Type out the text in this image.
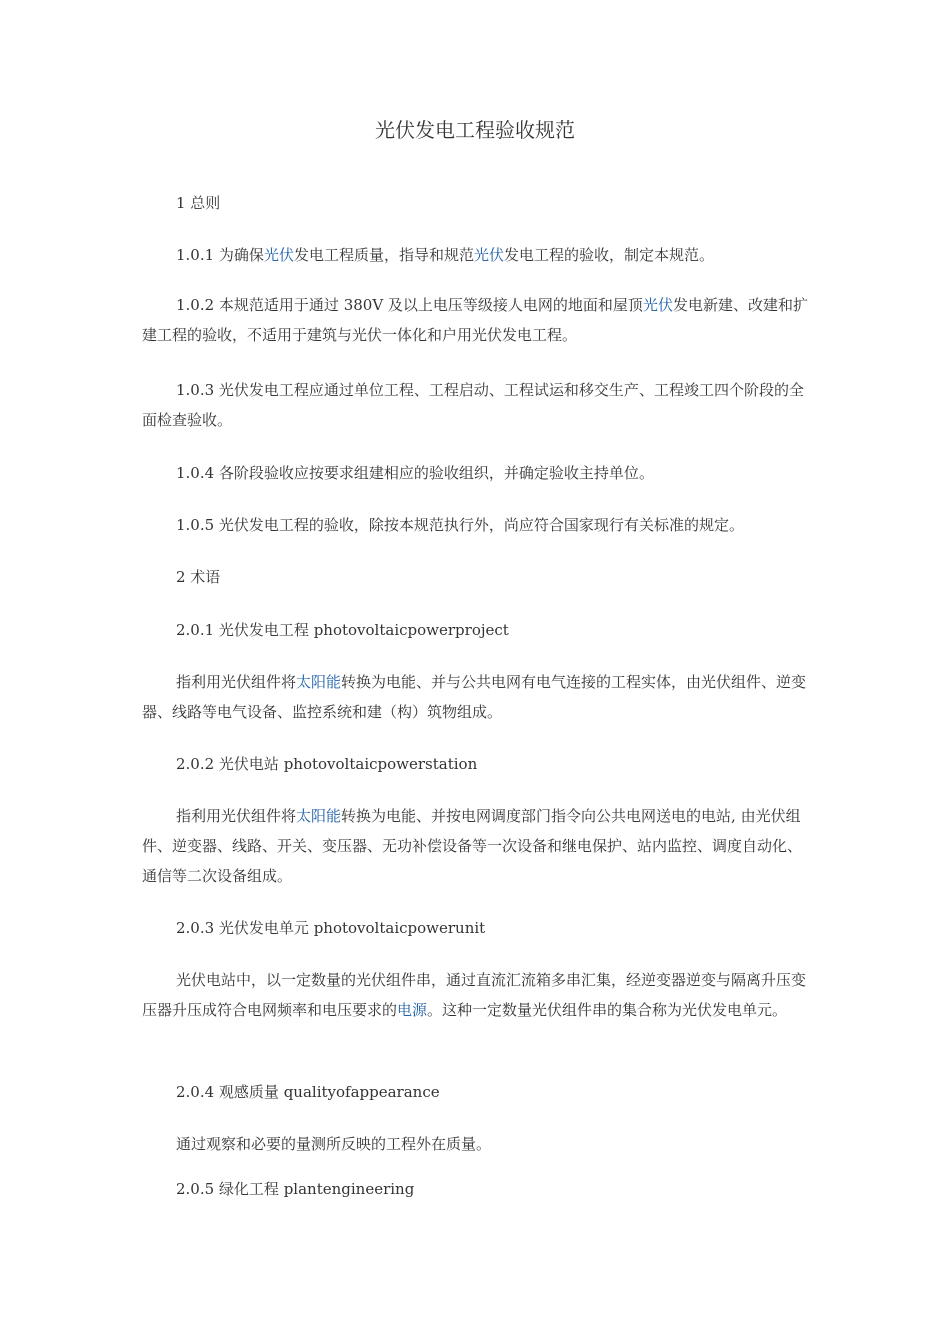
光伏发电工程验收规范

1 总则

1.0.1 为确保光伏发电工程质量，指导和规范光伏发电工程的验收，制定本规范。

1.0.2 本规范适用于通过 380V 及以上电压等级接人电网的地面和屋顶光伏发电新建、改建和扩建工程的验收，不适用于建筑与光伏一体化和户用光伏发电工程。

1.0.3 光伏发电工程应通过单位工程、工程启动、工程试运和移交生产、工程竣工四个阶段的全面检查验收。

1.0.4 各阶段验收应按要求组建相应的验收组织，并确定验收主持单位。

1.0.5 光伏发电工程的验收，除按本规范执行外，尚应符合国家现行有关标准的规定。

2 术语

2.0.1 光伏发电工程 photovoltaicpowerproject

指利用光伏组件将太阳能转换为电能、并与公共电网有电气连接的工程实体，由光伏组件、逆变器、线路等电气设备、监控系统和建（构）筑物组成。

2.0.2 光伏电站 photovoltaicpowerstation

指利用光伏组件将太阳能转换为电能、并按电网调度部门指令向公共电网送电的电站, 由光伏组件、逆变器、线路、开关、变压器、无功补偿设备等一次设备和继电保护、站内监控、调度自动化、通信等二次设备组成。

2.0.3 光伏发电单元 photovoltaicpowerunit

光伏电站中，以一定数量的光伏组件串，通过直流汇流箱多串汇集，经逆变器逆变与隔离升压变压器升压成符合电网频率和电压要求的电源。这种一定数量光伏组件串的集合称为光伏发电单元。

2.0.4 观感质量 qualityofappearance

通过观察和必要的量测所反映的工程外在质量。

2.0.5 绿化工程 plantengineering
